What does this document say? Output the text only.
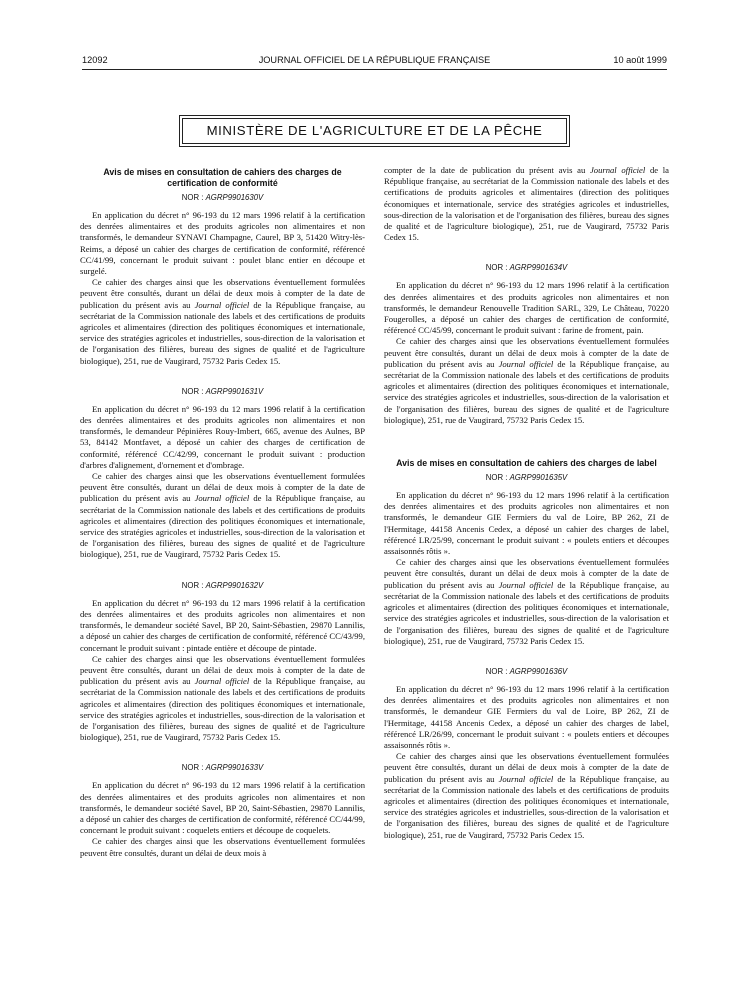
12092	JOURNAL OFFICIEL DE LA RÉPUBLIQUE FRANÇAISE	10 août 1999
MINISTÈRE DE L'AGRICULTURE ET DE LA PÊCHE
Avis de mises en consultation de cahiers des charges de certification de conformité
NOR : AGRP9901630V

En application du décret n° 96-193 du 12 mars 1996 relatif à la certification des denrées alimentaires et des produits agricoles non alimentaires et non transformés, le demandeur SYNAVI Champagne, Caurel, BP 3, 51420 Witry-lès-Reims, a déposé un cahier des charges de certification de conformité, référencé CC/41/99, concernant le produit suivant : poulet blanc entier en découpe et surgelé.

Ce cahier des charges ainsi que les observations éventuellement formulées peuvent être consultés, durant un délai de deux mois à compter de la date de publication du présent avis au Journal officiel de la République française, au secrétariat de la Commission nationale des labels et des certifications de produits agricoles et alimentaires (direction des politiques économiques et internationale, service des stratégies agricoles et industrielles, sous-direction de la valorisation et de l'organisation des filières, bureau des signes de qualité et de l'agriculture biologique), 251, rue de Vaugirard, 75732 Paris Cedex 15.

NOR : AGRP9901631V

En application du décret n° 96-193 du 12 mars 1996 relatif à la certification des denrées alimentaires et des produits agricoles non alimentaires et non transformés, le demandeur Pépinières Rouy-Imbert, 665, avenue des Aulnes, BP 53, 84142 Montfavet, a déposé un cahier des charges de certification de conformité, référencé CC/42/99, concernant le produit suivant : production d'arbres d'alignement, d'ornement et d'ombrage.

Ce cahier des charges ainsi que les observations éventuellement formulées peuvent être consultés, durant un délai de deux mois à compter de la date de publication du présent avis au Journal officiel de la République française, au secrétariat de la Commission nationale des labels et des certifications de produits agricoles et alimentaires (direction des politiques économiques et internationale, service des stratégies agricoles et industrielles, sous-direction de la valorisation et de l'organisation des filières, bureau des signes de qualité et de l'agriculture biologique), 251, rue de Vaugirard, 75732 Paris Cedex 15.

NOR : AGRP9901632V

En application du décret n° 96-193 du 12 mars 1996 relatif à la certification des denrées alimentaires et des produits agricoles non alimentaires et non transformés, le demandeur société Savel, BP 20, Saint-Sébastien, 29870 Lannilis, a déposé un cahier des charges de certification de conformité, référencé CC/43/99, concernant le produit suivant : pintade entière et découpe de pintade.

Ce cahier des charges ainsi que les observations éventuellement formulées peuvent être consultés, durant un délai de deux mois à compter de la date de publication du présent avis au Journal officiel de la République française, au secrétariat de la Commission nationale des labels et des certifications de produits agricoles et alimentaires (direction des politiques économiques et internationale, service des stratégies agricoles et industrielles, sous-direction de la valorisation et de l'organisation des filières, bureau des signes de qualité et de l'agriculture biologique), 251, rue de Vaugirard, 75732 Paris Cedex 15.

NOR : AGRP9901633V

En application du décret n° 96-193 du 12 mars 1996 relatif à la certification des denrées alimentaires et des produits agricoles non alimentaires et non transformés, le demandeur société Savel, BP 20, Saint-Sébastien, 29870 Lannilis, a déposé un cahier des charges de certification de conformité, référencé CC/44/99, concernant le produit suivant : coquelets entiers et découpe de coquelets.

Ce cahier des charges ainsi que les observations éventuellement formulées peuvent être consultés, durant un délai de deux mois à

compter de la date de publication du présent avis au Journal officiel de la République française, au secrétariat de la Commission nationale des labels et des certifications de produits agricoles et alimentaires (direction des politiques économiques et internationale, service des stratégies agricoles et industrielles, sous-direction de la valorisation et de l'organisation des filières, bureau des signes de qualité et de l'agriculture biologique), 251, rue de Vaugirard, 75732 Paris Cedex 15.

NOR : AGRP9901634V

En application du décret n° 96-193 du 12 mars 1996 relatif à la certification des denrées alimentaires et des produits agricoles non alimentaires et non transformés, le demandeur Renouvelle Tradition SARL, 329, Le Château, 70220 Fougerolles, a déposé un cahier des charges de certification de conformité, référencé CC/45/99, concernant le produit suivant : farine de froment, pain.

Ce cahier des charges ainsi que les observations éventuellement formulées peuvent être consultés, durant un délai de deux mois à compter de la date de publication du présent avis au Journal officiel de la République française, au secrétariat de la Commission nationale des labels et des certifications de produits agricoles et alimentaires (direction des politiques économiques et internationale, service des stratégies agricoles et industrielles, sous-direction de la valorisation et de l'organisation des filières, bureau des signes de qualité et de l'agriculture biologique), 251, rue de Vaugirard, 75732 Paris Cedex 15.

Avis de mises en consultation de cahiers des charges de label
NOR : AGRP9901635V

En application du décret n° 96-193 du 12 mars 1996 relatif à la certification des denrées alimentaires et des produits agricoles non alimentaires et non transformés, le demandeur GIE Fermiers du val de Loire, BP 262, ZI de l'Hermitage, 44158 Ancenis Cedex, a déposé un cahier des charges de label, référencé LR/25/99, concernant le produit suivant : « poulets entiers et découpes assaisonnés rôtis ».

Ce cahier des charges ainsi que les observations éventuellement formulées peuvent être consultés, durant un délai de deux mois à compter de la date de publication du présent avis au Journal officiel de la République française, au secrétariat de la Commission nationale des labels et des certifications de produits agricoles et alimentaires (direction des politiques économiques et internationale, service des stratégies agricoles et industrielles, sous-direction de la valorisation et de l'organisation des filières, bureau des signes de qualité et de l'agriculture biologique), 251, rue de Vaugirard, 75732 Paris Cedex 15.

NOR : AGRP9901636V

En application du décret n° 96-193 du 12 mars 1996 relatif à la certification des denrées alimentaires et des produits agricoles non alimentaires et non transformés, le demandeur GIE Fermiers du val de Loire, BP 262, ZI de l'Hermitage, 44158 Ancenis Cedex, a déposé un cahier des charges de label, référencé LR/26/99, concernant le produit suivant : « poulets entiers et découpes assaisonnés rôtis ».

Ce cahier des charges ainsi que les observations éventuellement formulées peuvent être consultés, durant un délai de deux mois à compter de la date de publication du présent avis au Journal officiel de la République française, au secrétariat de la Commission nationale des labels et des certifications de produits agricoles et alimentaires (direction des politiques économiques et internationale, service des stratégies agricoles et industrielles, sous-direction de la valorisation et de l'organisation des filières, bureau des signes de qualité et de l'agriculture biologique), 251, rue de Vaugirard, 75732 Paris Cedex 15.
